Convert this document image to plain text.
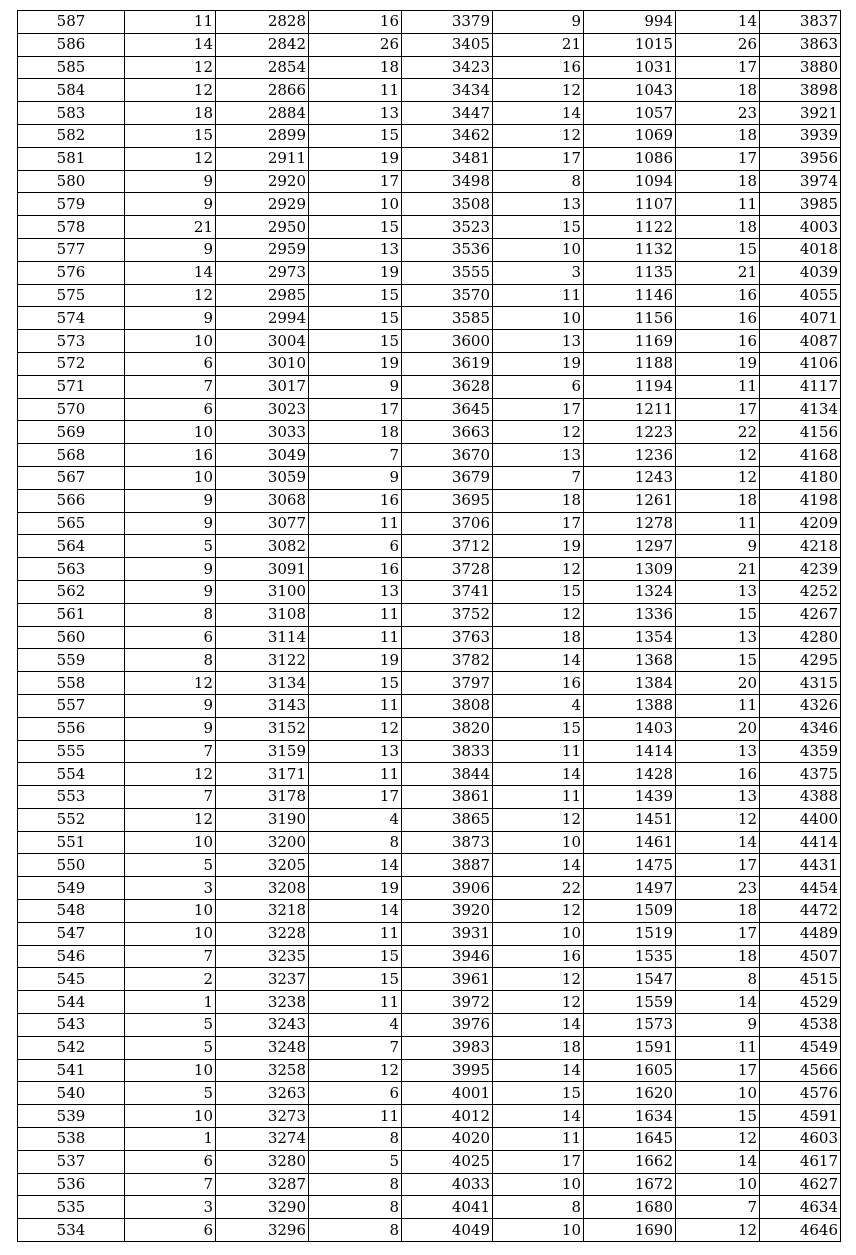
587	11	2828	16	3379	9	994	14	3837
586	14	2842	26	3405	21	1015	26	3863
585	12	2854	18	3423	16	1031	17	3880
584	12	2866	11	3434	12	1043	18	3898
583	18	2884	13	3447	14	1057	23	3921
582	15	2899	15	3462	12	1069	18	3939
581	12	2911	19	3481	17	1086	17	3956
580	9	2920	17	3498	8	1094	18	3974
579	9	2929	10	3508	13	1107	11	3985
578	21	2950	15	3523	15	1122	18	4003
577	9	2959	13	3536	10	1132	15	4018
576	14	2973	19	3555	3	1135	21	4039
575	12	2985	15	3570	11	1146	16	4055
574	9	2994	15	3585	10	1156	16	4071
573	10	3004	15	3600	13	1169	16	4087
572	6	3010	19	3619	19	1188	19	4106
571	7	3017	9	3628	6	1194	11	4117
570	6	3023	17	3645	17	1211	17	4134
569	10	3033	18	3663	12	1223	22	4156
568	16	3049	7	3670	13	1236	12	4168
567	10	3059	9	3679	7	1243	12	4180
566	9	3068	16	3695	18	1261	18	4198
565	9	3077	11	3706	17	1278	11	4209
564	5	3082	6	3712	19	1297	9	4218
563	9	3091	16	3728	12	1309	21	4239
562	9	3100	13	3741	15	1324	13	4252
561	8	3108	11	3752	12	1336	15	4267
560	6	3114	11	3763	18	1354	13	4280
559	8	3122	19	3782	14	1368	15	4295
558	12	3134	15	3797	16	1384	20	4315
557	9	3143	11	3808	4	1388	11	4326
556	9	3152	12	3820	15	1403	20	4346
555	7	3159	13	3833	11	1414	13	4359
554	12	3171	11	3844	14	1428	16	4375
553	7	3178	17	3861	11	1439	13	4388
552	12	3190	4	3865	12	1451	12	4400
551	10	3200	8	3873	10	1461	14	4414
550	5	3205	14	3887	14	1475	17	4431
549	3	3208	19	3906	22	1497	23	4454
548	10	3218	14	3920	12	1509	18	4472
547	10	3228	11	3931	10	1519	17	4489
546	7	3235	15	3946	16	1535	18	4507
545	2	3237	15	3961	12	1547	8	4515
544	1	3238	11	3972	12	1559	14	4529
543	5	3243	4	3976	14	1573	9	4538
542	5	3248	7	3983	18	1591	11	4549
541	10	3258	12	3995	14	1605	17	4566
540	5	3263	6	4001	15	1620	10	4576
539	10	3273	11	4012	14	1634	15	4591
538	1	3274	8	4020	11	1645	12	4603
537	6	3280	5	4025	17	1662	14	4617
536	7	3287	8	4033	10	1672	10	4627
535	3	3290	8	4041	8	1680	7	4634
534	6	3296	8	4049	10	1690	12	4646
